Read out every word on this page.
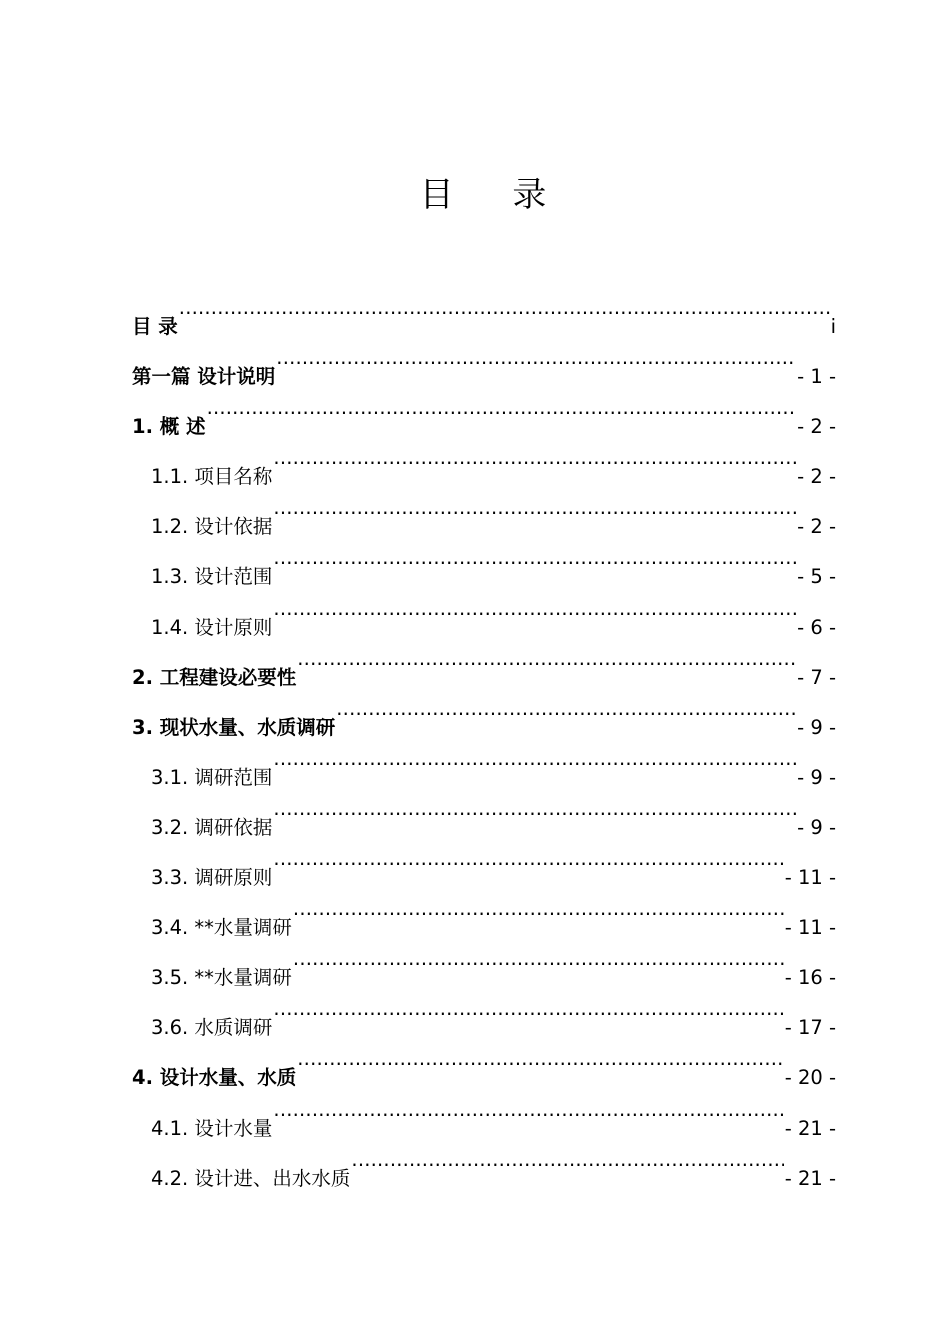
目 录
目 录 .....	i
第一篇 设计说明 .....	- 1 -
1. 概 述 .....	- 2 -
1.1. 项目名称 .....	- 2 -
1.2. 设计依据 .....	- 2 -
1.3. 设计范围 .....	- 5 -
1.4. 设计原则 .....	- 6 -
2. 工程建设必要性 .....	- 7 -
3. 现状水量、水质调研 .....	- 9 -
3.1. 调研范围 .....	- 9 -
3.2. 调研依据 .....	- 9 -
3.3. 调研原则 .....	- 11 -
3.4. **水量调研 .....	- 11 -
3.5. **水量调研 .....	- 16 -
3.6. 水质调研 .....	- 17 -
4. 设计水量、水质 .....	- 20 -
4.1. 设计水量 .....	- 21 -
4.2. 设计进、出水水质 .....	- 21 -
